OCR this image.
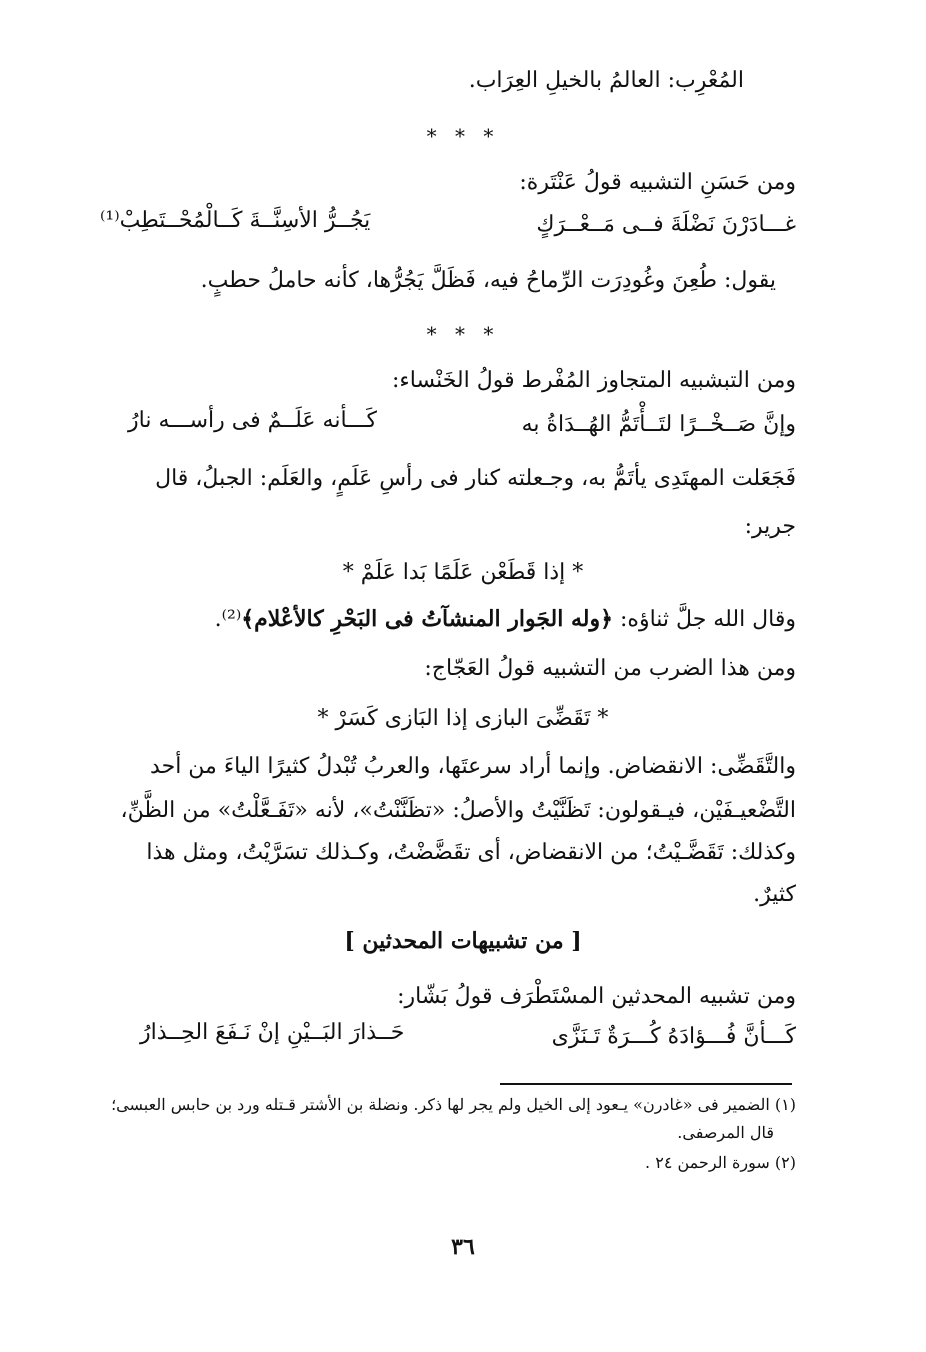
المُعْرِب: العالمُ بالخيلِ العِرَاب.
* * *
ومن حَسَنِ التشبيه قولُ عَنْتَرة:
غـــادَرْنَ نَضْلَةَ فــى مَــعْــرَكٍ
يَجُــرُّ الأسِنَّــةَ كَــالْمُحْــتَطِبْ⁽¹⁾
يقول: طُعِنَ وغُودِرَت الرِّماحُ فيه، فَظَلَّ يَجُرُّها، كأنه حاملُ حطبٍ.
* * *
ومن التبشبيه المتجاوز المُفْرط قولُ الخَنْساء:
وإنَّ صَــخْــرًا لتَــأْتَمُّ الهُــدَاةُ به
كَـــأنه عَلَــمٌ فى رأســـه نارُ
فَجَعَلت المهتَدِى يأتَمُّ به، وجـعلته كنار فى رأسِ عَلَمٍ، والعَلَم: الجبلُ، قال
جرير:
* إذا قَطَعْن عَلَمًا بَدا عَلَمْ *
وقال الله جلَّ ثناؤه: ﴿وله الجَوار المنشآتُ فى البَحْرِ كالأعْلام﴾⁽²⁾.
ومن هذا الضرب من التشبيه قولُ العَجّاج:
* تَقَضِّىَ البازى إذا البَازى كَسَرْ *
والتَّقَضِّى: الانقضاض. وإنما أراد سرعتَها، والعربُ تُبْدلُ كثيرًا الياءَ من أحد
التَّضْعيـفَيْن، فيـقولون: تَظَنَّيْتُ والأصلُ: «تظَنَّنْتُ»، لأنه «تَفَـعَّلْتُ» من الظَّنِّ،
وكذلك: تَقَضَّـيْتُ؛ من الانقضاض، أى تقَضَّضْتُ، وكـذلك تسَرَّيْتُ، ومثل هذا
كثيرٌ.
[ من تشبيهات المحدثين ]
ومن تشبيه المحدثين المسْتَطْرَف قولُ بَشّار:
كَـــأنَّ فُـــؤادَهُ كُـــرَةٌ تَـنَزَّى
حَــذارَ البَــيْنِ إنْ نَـفَعَ الحِــذارُ
(١) الضمير فى «غادرن» يـعود إلى الخيل ولم يجر لها ذكر. ونضلة بن الأشتر قـتله ورد بن حابس العبسى؛
قال المرصفى.
(٢) سورة الرحمن ٢٤ .
٣٦
